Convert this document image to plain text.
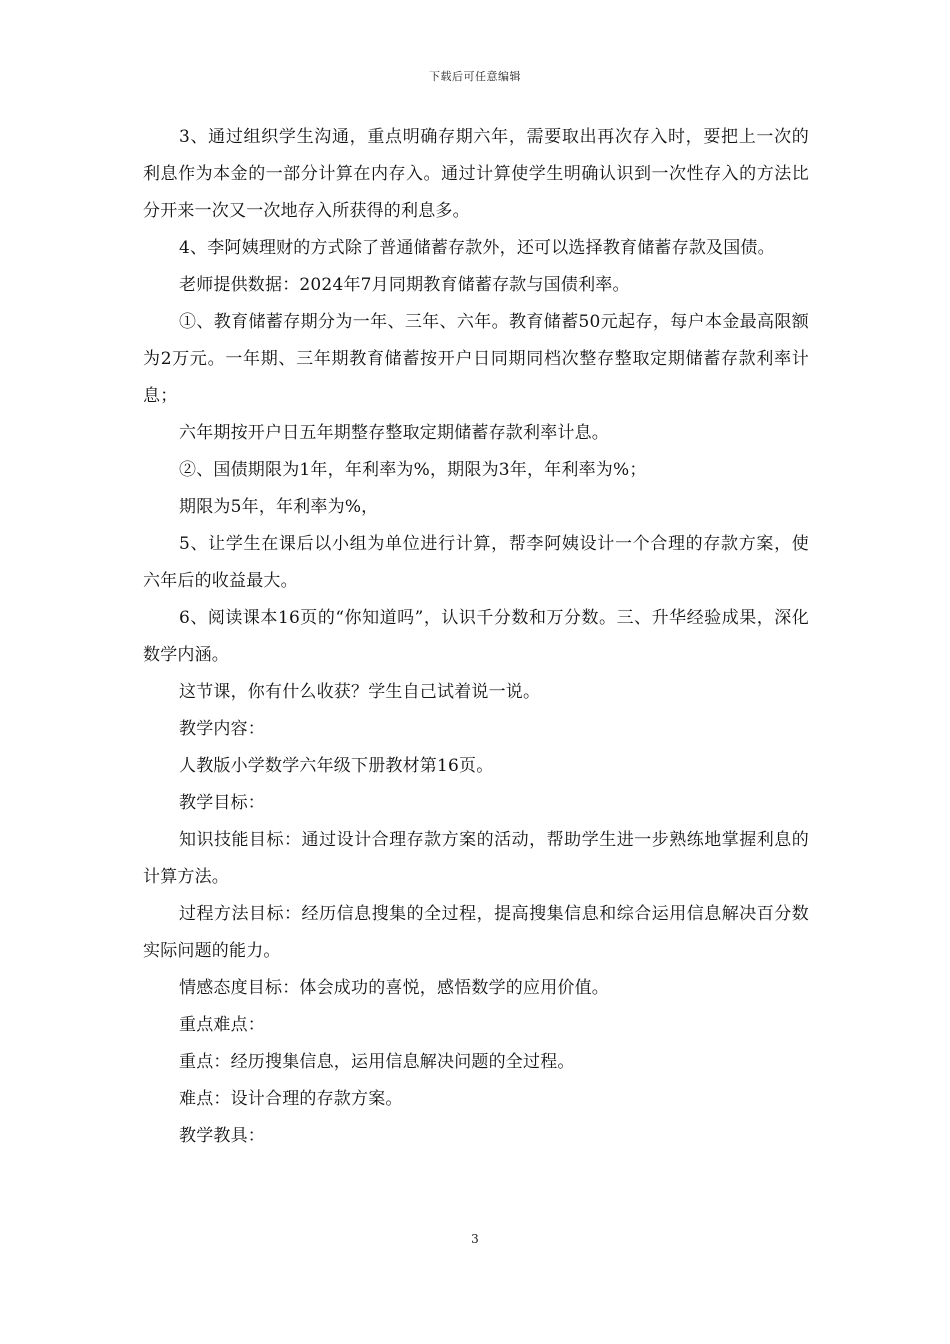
下载后可任意编辑

3、通过组织学生沟通，重点明确存期六年，需要取出再次存入时，要把上一次的利息作为本金的一部分计算在内存入。通过计算使学生明确认识到一次性存入的方法比分开来一次又一次地存入所获得的利息多。

4、李阿姨理财的方式除了普通储蓄存款外，还可以选择教育储蓄存款及国债。

老师提供数据：2024年7月同期教育储蓄存款与国债利率。

①、教育储蓄存期分为一年、三年、六年。教育储蓄50元起存，每户本金最高限额为2万元。一年期、三年期教育储蓄按开户日同期同档次整存整取定期储蓄存款利率计息；

六年期按开户日五年期整存整取定期储蓄存款利率计息。

②、国债期限为1年，年利率为%，期限为3年，年利率为%；

期限为5年，年利率为%，

5、让学生在课后以小组为单位进行计算，帮李阿姨设计一个合理的存款方案，使六年后的收益最大。

6、阅读课本16页的“你知道吗”，认识千分数和万分数。三、升华经验成果，深化数学内涵。

这节课，你有什么收获？学生自己试着说一说。

教学内容：

人教版小学数学六年级下册教材第16页。

教学目标：

知识技能目标：通过设计合理存款方案的活动，帮助学生进一步熟练地掌握利息的计算方法。

过程方法目标：经历信息搜集的全过程，提高搜集信息和综合运用信息解决百分数实际问题的能力。

情感态度目标：体会成功的喜悦，感悟数学的应用价值。

重点难点：

重点：经历搜集信息，运用信息解决问题的全过程。

难点：设计合理的存款方案。

教学教具：

3
